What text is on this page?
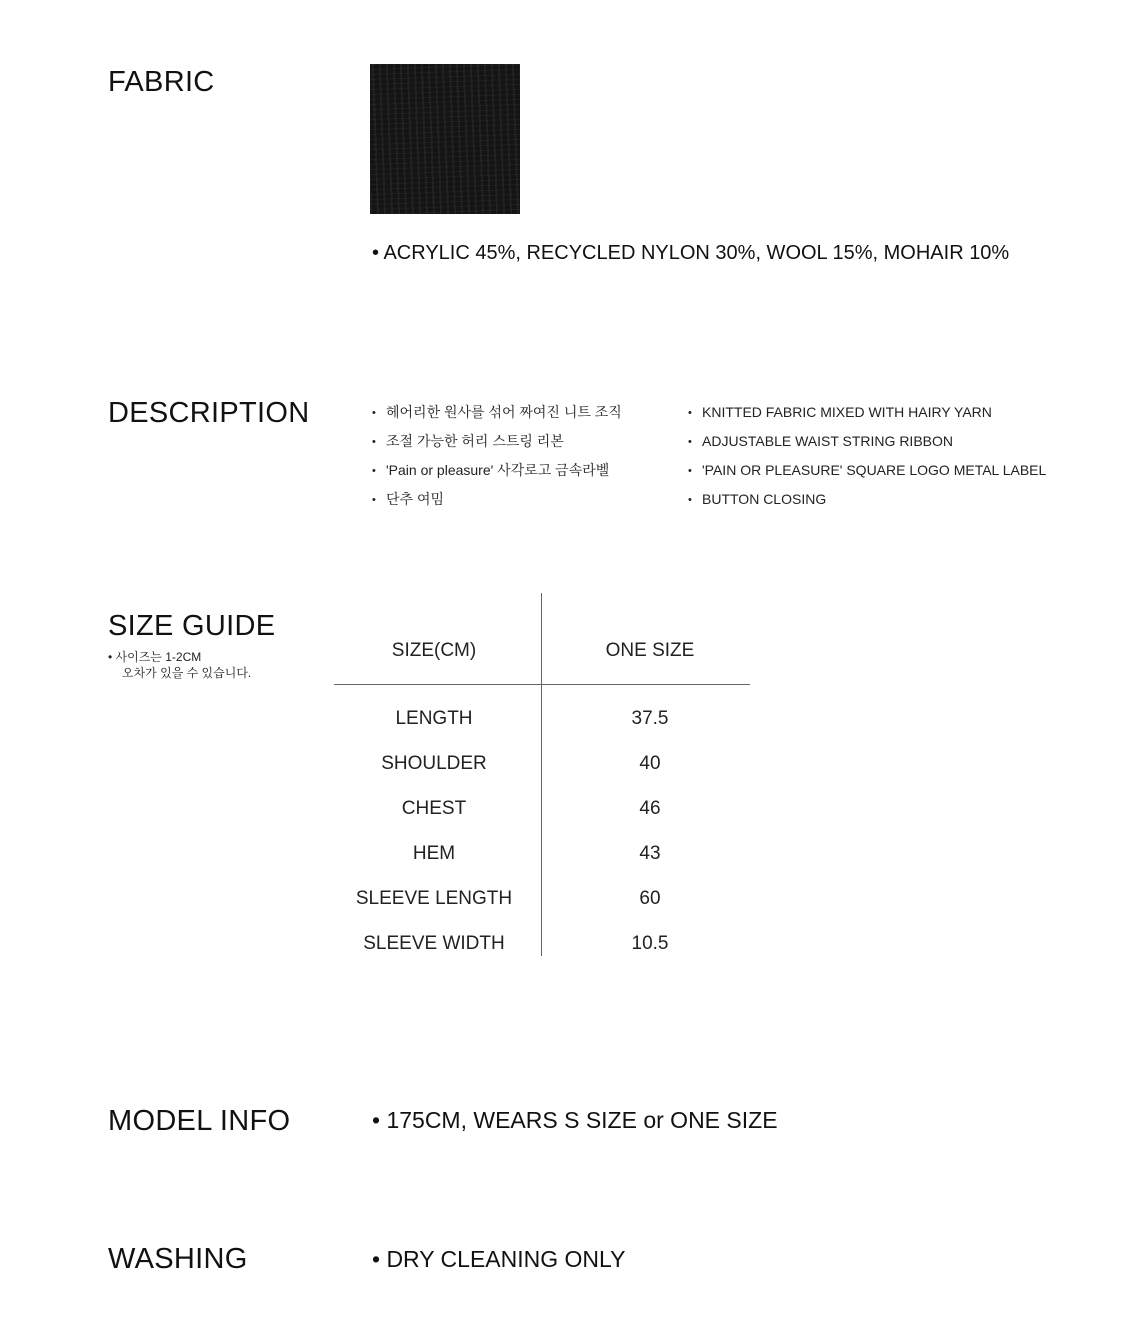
FABRIC
• ACRYLIC 45%, RECYCLED NYLON 30%, WOOL 15%, MOHAIR 10%
DESCRIPTION	• 헤어리한 원사를 섞어 짜여진 니트 조직
• 조절 가능한 허리 스트링 리본
• 'Pain or pleasure' 사각로고 금속라벨
• 단추 여밈
• KNITTED FABRIC MIXED WITH HAIRY YARN
• ADJUSTABLE WAIST STRING RIBBON
• 'PAIN OR PLEASURE' SQUARE LOGO METAL LABEL
• BUTTON CLOSING
SIZE GUIDE
• 사이즈는 1-2CM
오차가 있을 수 있습니다.
SIZE(CM)	ONE SIZE
LENGTH	37.5
SHOULDER	40
CHEST	46
HEM	43
SLEEVE LENGTH	60
SLEEVE WIDTH	10.5
MODEL INFO	• 175CM, WEARS S SIZE or ONE SIZE
WASHING	• DRY CLEANING ONLY
